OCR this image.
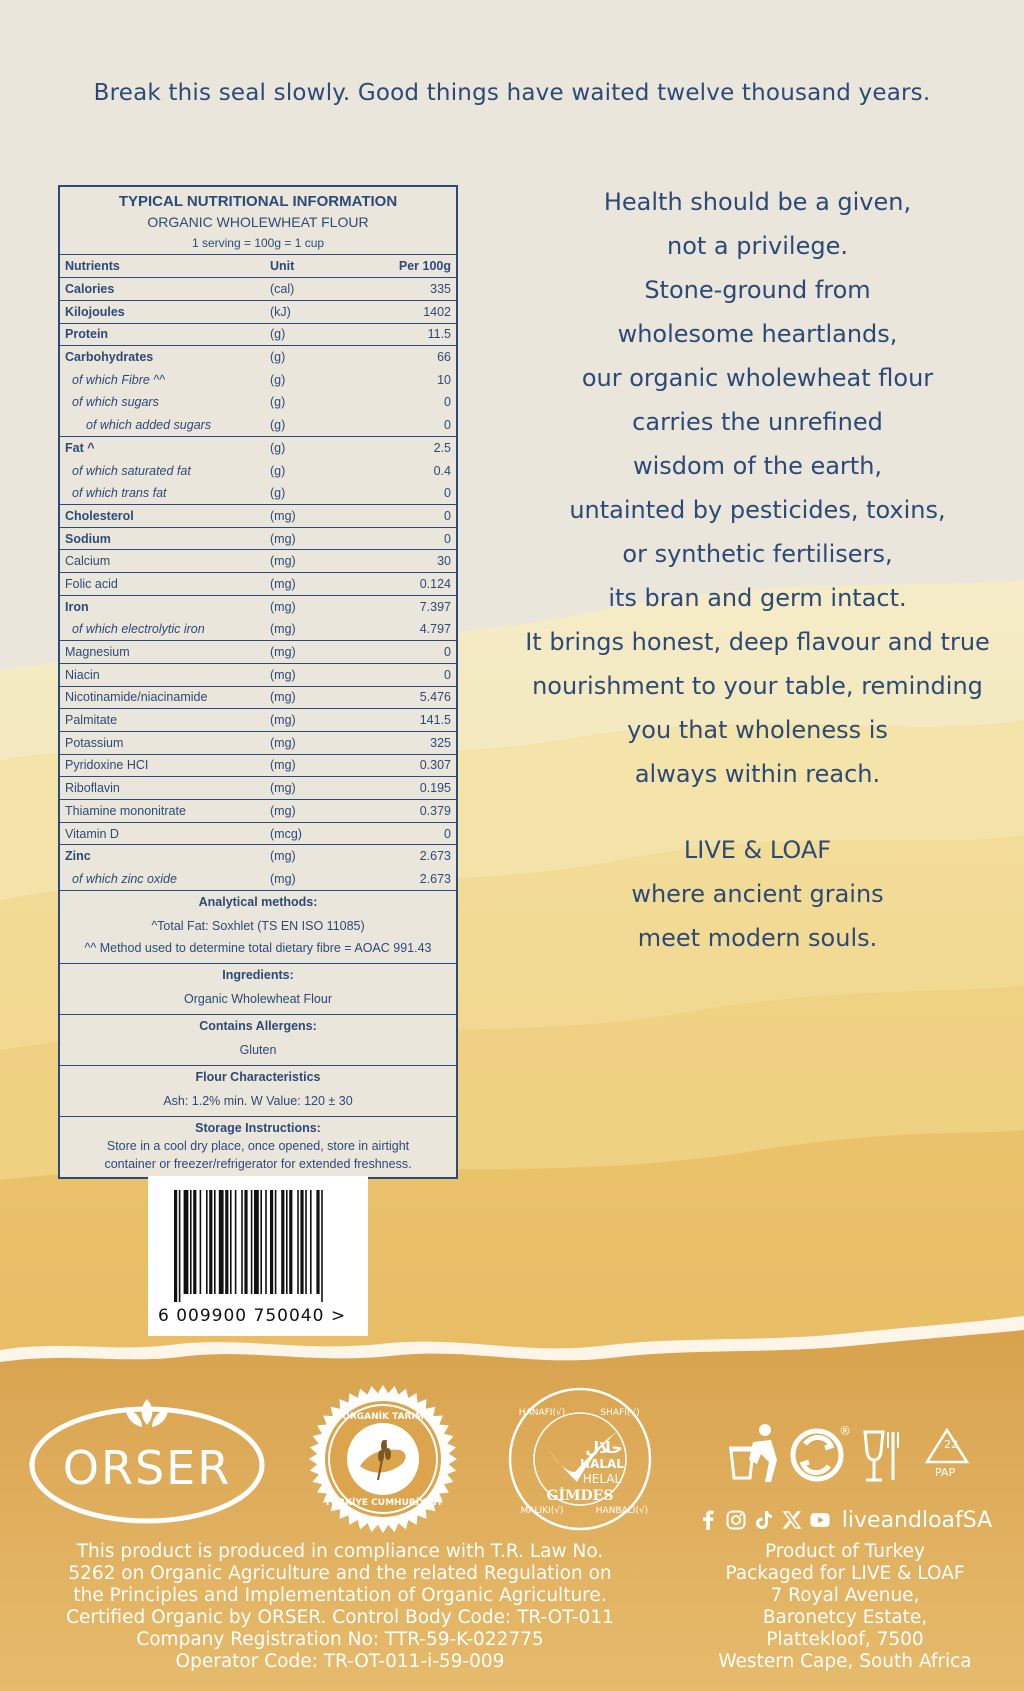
Break this seal slowly. Good things have waited twelve thousand years.
TYPICAL NUTRITIONAL INFORMATION
ORGANIC WHOLEWHEAT FLOUR
1 serving = 100g = 1 cup
Nutrients	Unit	Per 100g
Calories	(cal)	335
Kilojoules	(kJ)	1402
Protein	(g)	11.5
Carbohydrates	(g)	66
of which Fibre ^^	(g)	10
of which sugars	(g)	0
of which added sugars	(g)	0
Fat ^	(g)	2.5
of which saturated fat	(g)	0.4
of which trans fat	(g)	0
Cholesterol	(mg)	0
Sodium	(mg)	0
Calcium	(mg)	30
Folic acid	(mg)	0.124
Iron	(mg)	7.397
of which electrolytic iron	(mg)	4.797
Magnesium	(mg)	0
Niacin	(mg)	0
Nicotinamide/niacinamide	(mg)	5.476
Palmitate	(mg)	141.5
Potassium	(mg)	325
Pyridoxine HCI	(mg)	0.307
Riboflavin	(mg)	0.195
Thiamine mononitrate	(mg)	0.379
Vitamin D	(mcg)	0
Zinc	(mg)	2.673
of which zinc oxide	(mg)	2.673
Analytical methods:
^Total Fat: Soxhlet (TS EN ISO 11085)
^^ Method used to determine total dietary fibre = AOAC 991.43
Ingredients:
Organic Wholewheat Flour
Contains Allergens:
Gluten
Flour Characteristics
Ash: 1.2% min. W Value: 120 ± 30
Storage Instructions:
Store in a cool dry place, once opened, store in airtight
container or freezer/refrigerator for extended freshness.
Health should be a given,
not a privilege.
Stone-ground from
wholesome heartlands,
our organic wholewheat flour
carries the unrefined
wisdom of the earth,
untainted by pesticides, toxins,
or synthetic fertilisers,
its bran and germ intact.
It brings honest, deep flavour and true
nourishment to your table, reminding
you that wholeness is
always within reach.
LIVE & LOAF
where ancient grains
meet modern souls.
6 009900 750040 >
ORSER
ORGANİK TARIM
TÜRKİYE CUMHURİYETİ
HANAFI(√)	SHAFI(√)
حلال
HALAL
HELAL
GİMDES
MALIKI(√)	HANBALI(√)
®
22
PAP
liveandloafSA
This product is produced in compliance with T.R. Law No.
5262 on Organic Agriculture and the related Regulation on
the Principles and Implementation of Organic Agriculture.
Certified Organic by ORSER. Control Body Code: TR-OT-011
Company Registration No: TTR-59-K-022775
Operator Code: TR-OT-011-i-59-009
Product of Turkey
Packaged for LIVE & LOAF
7 Royal Avenue,
Baronetcy Estate,
Plattekloof, 7500
Western Cape, South Africa
